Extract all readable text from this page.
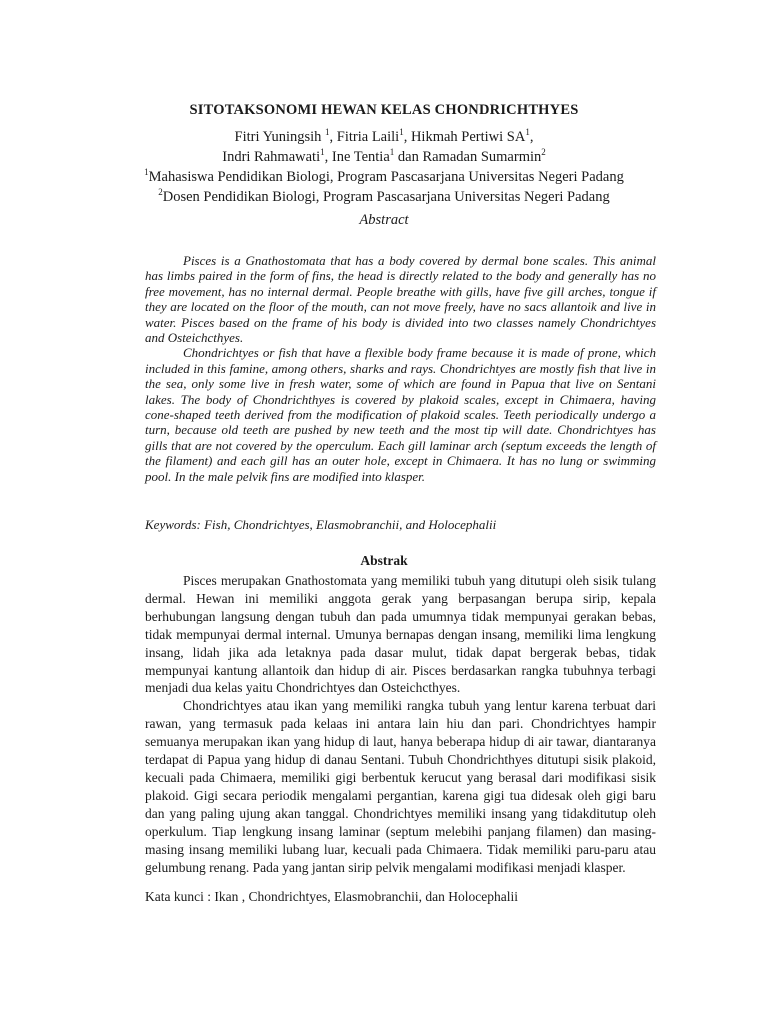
SITOTAKSONOMI HEWAN KELAS CHONDRICHTHYES
Fitri Yuningsih $^1$, Fitria Laili$^1$, Hikmah Pertiwi $SA^1$,
Indri Rahmawati$^1$, Ine Tentia$^1$ dan Ramadan Sumarmin$^2$
$^1$Mahasiswa Pendidikan Biologi, Program Pascasarjana Universitas Negeri Padang
$^2$Dosen Pendidikan Biologi, Program Pascasarjana Universitas Negeri Padang
Abstract

Pisces is a Gnathostomata that has a body covered by dermal bone scales. This animal has limbs paired in the form of fins, the head is directly related to the body and generally has no free movement, has no internal dermal. People breathe with gills, have five gill arches, tongue if they are located on the floor of the mouth, can not move freely, have no sacs allantoik and live in water. Pisces based on the frame of his body is divided into two classes namely Chondrichtyes and Osteichcthyes.

Chondrichtyes or fish that have a flexible body frame because it is made of prone, which included in this famine, among others, sharks and rays. Chondrichtyes are mostly fish that live in the sea, only some live in fresh water, some of which are found in Papua that live on Sentani lakes. The body of Chondrichthyes is covered by plakoid scales, except in Chimaera, having cone-shaped teeth derived from the modification of plakoid scales. Teeth periodically undergo a turn, because old teeth are pushed by new teeth and the most tip will date. Chondrichtyes has gills that are not covered by the operculum. Each gill laminar arch (septum exceeds the length of the filament) and each gill has an outer hole, except in Chimaera. It has no lung or swimming pool. In the male pelvik fins are modified into klasper.

Keywords: Fish, Chondrichtyes, Elasmobranchii, and Holocephalii
Abstrak

Pisces merupakan Gnathostomata yang memiliki tubuh yang ditutupi oleh sisik tulang dermal. Hewan ini memiliki anggota gerak yang berpasangan berupa sirip, kepala berhubungan langsung dengan tubuh dan pada umumnya tidak mempunyai gerakan bebas, tidak mempunyai dermal internal. Umunya bernapas dengan insang, memiliki lima lengkung insang, lidah jika ada letaknya pada dasar mulut, tidak dapat bergerak bebas, tidak mempunyai kantung allantoik dan hidup di air. Pisces berdasarkan rangka tubuhnya terbagi menjadi dua kelas yaitu Chondrichtyes dan Osteichcthyes.

Chondrichtyes atau ikan yang memiliki rangka tubuh yang lentur karena terbuat dari rawan, yang termasuk pada kelaas ini antara lain hiu dan pari. Chondrichtyes hampir semuanya merupakan ikan yang hidup di laut, hanya beberapa hidup di air tawar, diantaranya terdapat di Papua yang hidup di danau Sentani. Tubuh Chondrichthyes ditutupi sisik plakoid, kecuali pada Chimaera, memiliki gigi berbentuk kerucut yang berasal dari modifikasi sisik plakoid. Gigi secara periodik mengalami pergantian, karena gigi tua didesak oleh gigi baru dan yang paling ujung akan tanggal. Chondrichtyes memiliki insang yang tidakditutup oleh operkulum. Tiap lengkung insang laminar (septum melebihi panjang filamen) dan masing-masing insang memiliki lubang luar, kecuali pada Chimaera. Tidak memiliki paru-paru atau gelumbung renang. Pada yang jantan sirip pelvik mengalami modifikasi menjadi klasper.

Kata kunci : Ikan , Chondrichtyes, Elasmobranchii, dan Holocephalii
